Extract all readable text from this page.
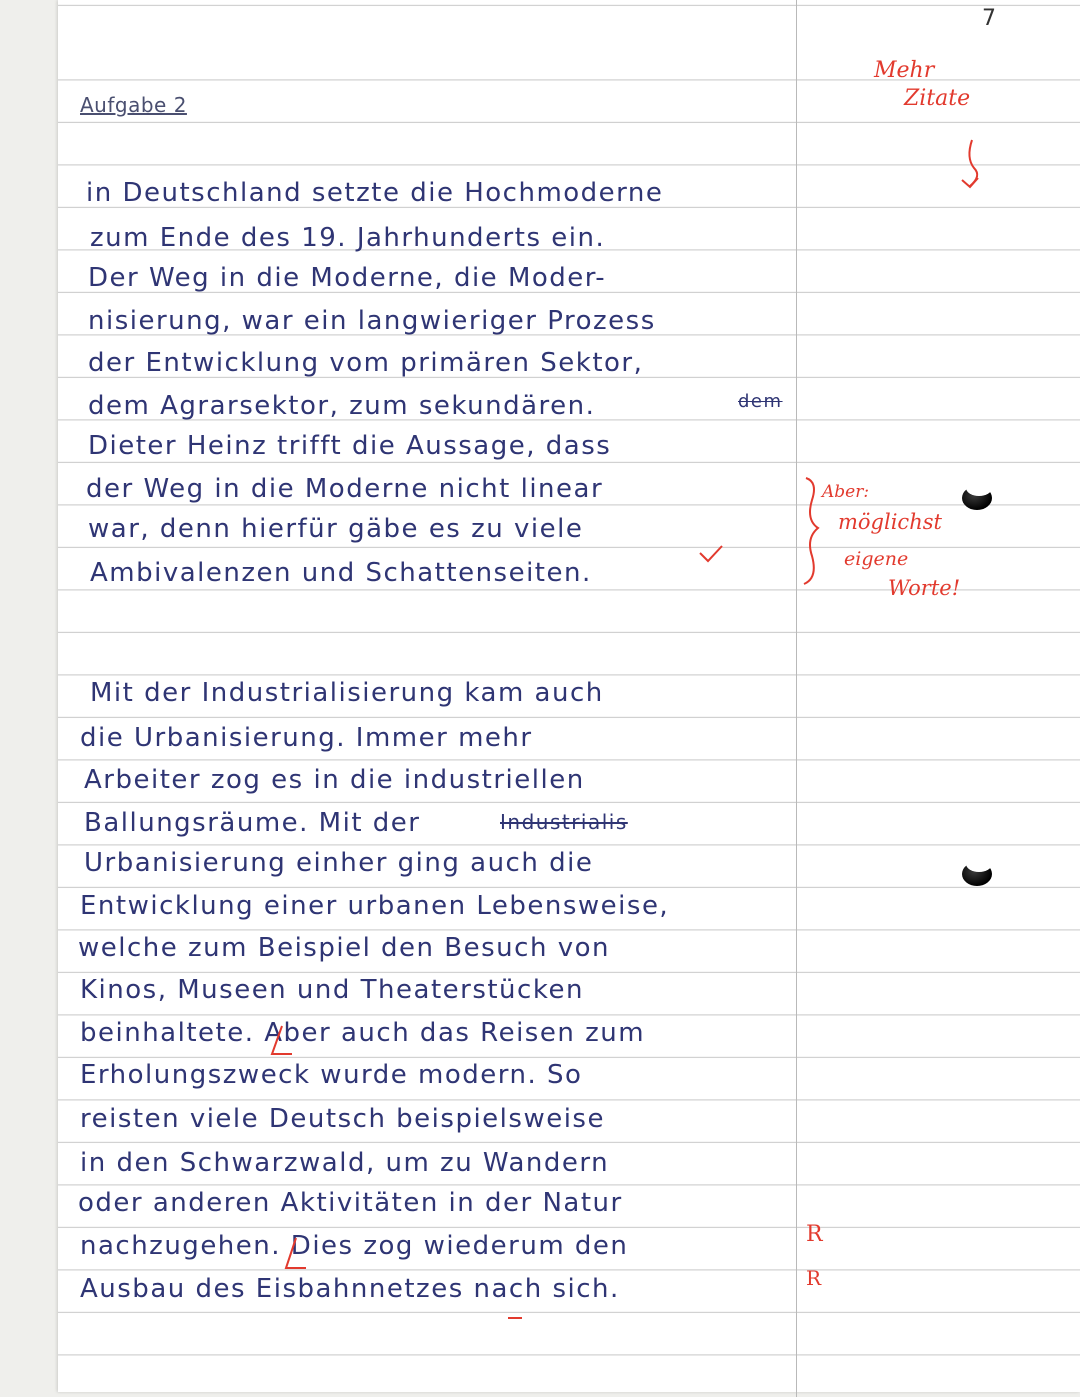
7

Aufgabe 2

in Deutschland setzte die Hochmoderne

zum Ende des 19. Jahrhunderts ein.

Der Weg in die Moderne, die Moder-

nisierung, war ein langwieriger Prozess

der Entwicklung vom primären Sektor,

dem Agrarsektor, zum sekundären.	dem

Dieter Heinz trifft die Aussage, dass

der Weg in die Moderne nicht linear

war, denn hierfür gäbe es zu viele

Ambivalenzen und Schattenseiten.

Mit der Industrialisierung kam auch

die Urbanisierung. Immer mehr

Arbeiter zog es in die industriellen

Ballungsräume. Mit der	Industrialis

Urbanisierung einher ging auch die

Entwicklung einer urbanen Lebensweise,

welche zum Beispiel den Besuch von

Kinos, Museen und Theaterstücken

beinhaltete. Aber auch das Reisen zum

Erholungszweck wurde modern. So

reisten viele Deutsch beispielsweise

in den Schwarzwald, um zu Wandern

oder anderen Aktivitäten in der Natur

nachzugehen. Dies zog wiederum den

Ausbau des Eisbahnnetzes nach sich.

Mehr

Zitate

Aber:

möglichst

eigene

Worte!

R

R
